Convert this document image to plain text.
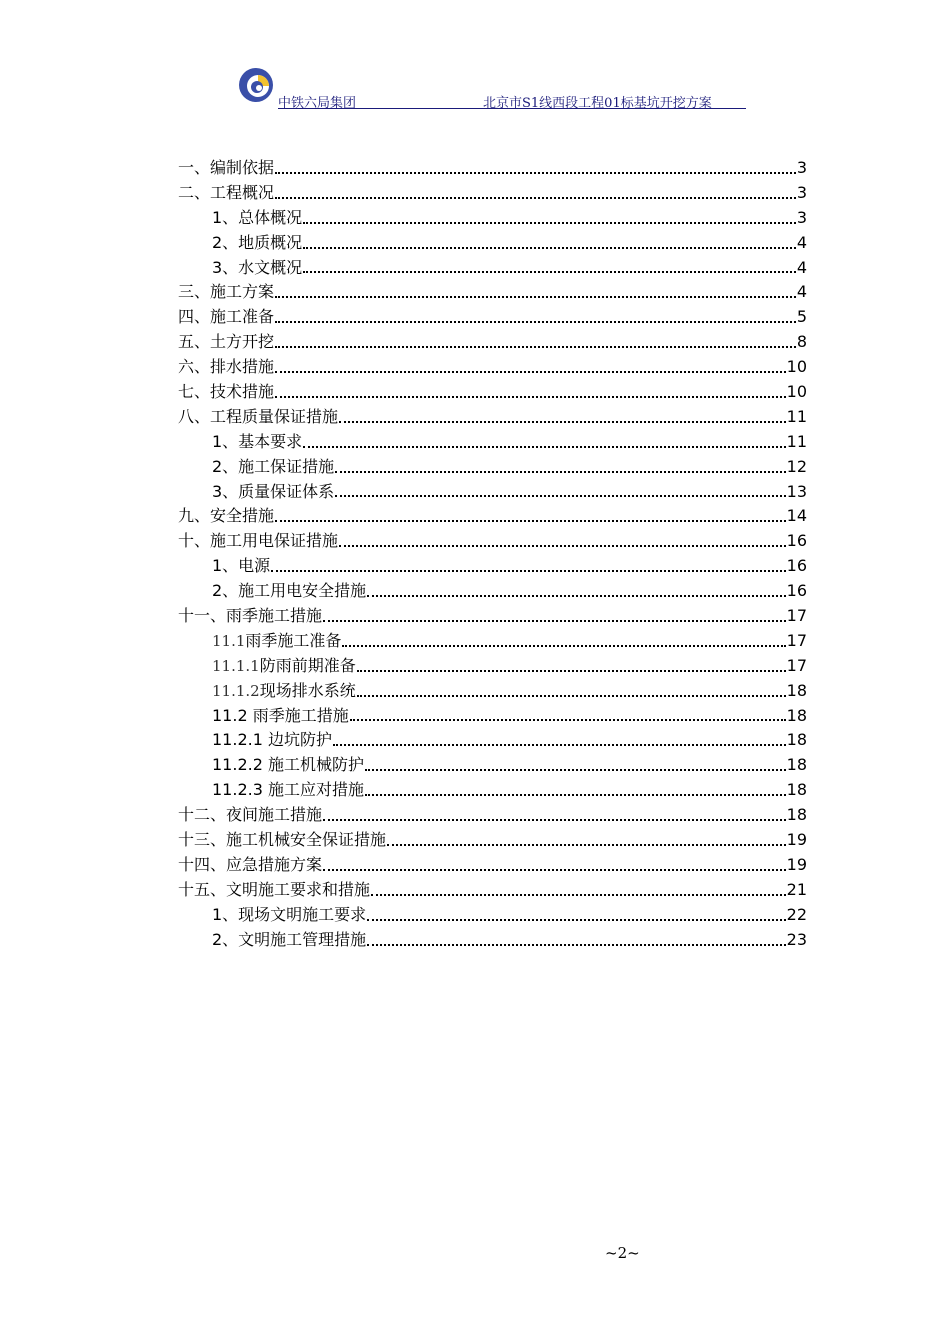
中铁六局集团	北京市S1线西段工程01标基坑开挖方案
一、编制依据	3
二、工程概况	3
1、总体概况	3
2、地质概况	4
3、水文概况	4
三、施工方案	4
四、施工准备	5
五、土方开挖	8
六、排水措施	10
七、技术措施	10
八、工程质量保证措施	11
1、基本要求	11
2、施工保证措施	12
3、质量保证体系	13
九、安全措施	14
十、施工用电保证措施	16
1、电源	16
2、施工用电安全措施	16
十一、雨季施工措施	17
11.1雨季施工准备	17
11.1.1防雨前期准备	17
11.1.2现场排水系统	18
11.2 雨季施工措施	18
11.2.1 边坑防护	18
11.2.2 施工机械防护	18
11.2.3 施工应对措施	18
十二、夜间施工措施	18
十三、施工机械安全保证措施	19
十四、应急措施方案	19
十五、文明施工要求和措施	21
1、现场文明施工要求	22
2、文明施工管理措施	23
~2~
